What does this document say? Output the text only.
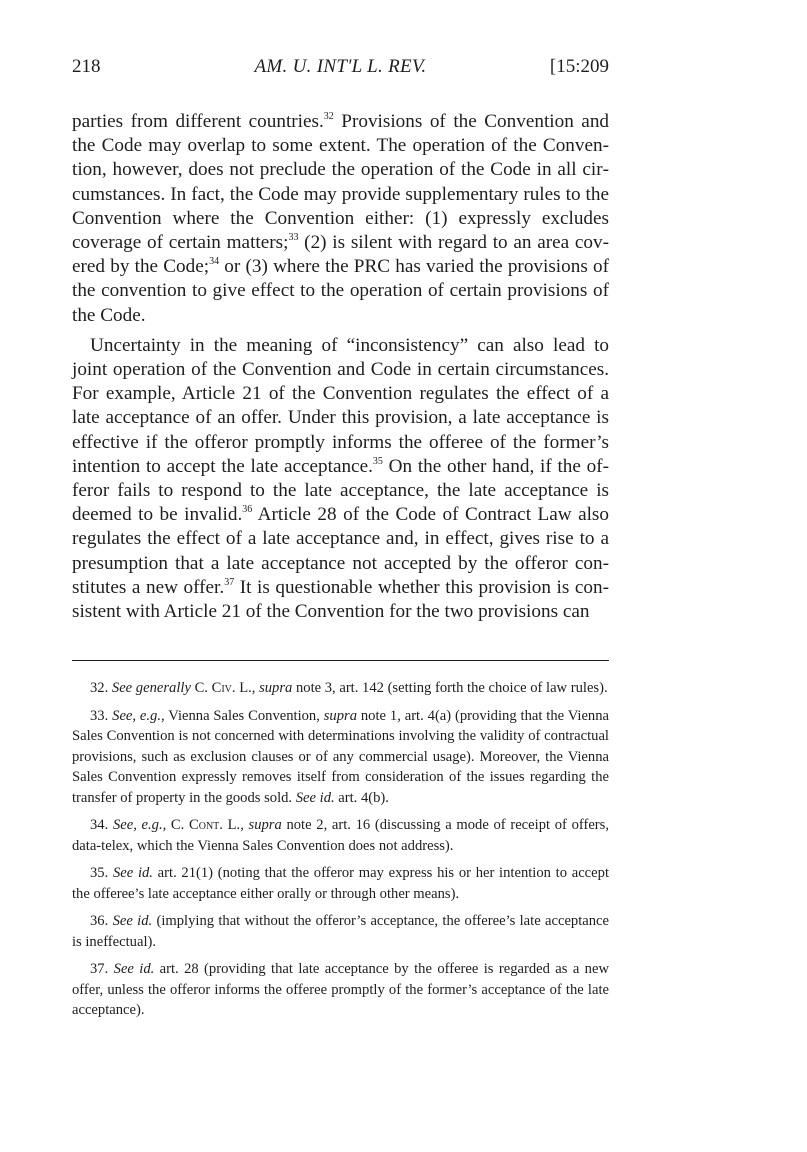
218	AM. U. INT'L L. REV.	[15:209

parties from different countries.$^{32}$ Provisions of the Convention and the Code may overlap to some extent. The operation of the Convention, however, does not preclude the operation of the Code in all circumstances. In fact, the Code may provide supplementary rules to the Convention where the Convention either: (1) expressly excludes coverage of certain matters;$^{33}$ (2) is silent with regard to an area covered by the Code;$^{34}$ or (3) where the PRC has varied the provisions of the convention to give effect to the operation of certain provisions of the Code.

Uncertainty in the meaning of “inconsistency” can also lead to joint operation of the Convention and Code in certain circumstances. For example, Article 21 of the Convention regulates the effect of a late acceptance of an offer. Under this provision, a late acceptance is effective if the offeror promptly informs the offeree of the former’s intention to accept the late acceptance.$^{35}$ On the other hand, if the offeror fails to respond to the late acceptance, the late acceptance is deemed to be invalid.$^{36}$ Article 28 of the Code of Contract Law also regulates the effect of a late acceptance and, in effect, gives rise to a presumption that a late acceptance not accepted by the offeror constitutes a new offer.$^{37}$ It is questionable whether this provision is consistent with Article 21 of the Convention for the two provisions can

32. See generally C. Civ. L., supra note 3, art. 142 (setting forth the choice of law rules).
33. See, e.g., Vienna Sales Convention, supra note 1, art. 4(a) (providing that the Vienna Sales Convention is not concerned with determinations involving the validity of contractual provisions, such as exclusion clauses or of any commercial usage). Moreover, the Vienna Sales Convention expressly removes itself from consideration of the issues regarding the transfer of property in the goods sold. See id. art. 4(b).
34. See, e.g., C. Cont. L., supra note 2, art. 16 (discussing a mode of receipt of offers, data-telex, which the Vienna Sales Convention does not address).
35. See id. art. 21(1) (noting that the offeror may express his or her intention to accept the offeree’s late acceptance either orally or through other means).
36. See id. (implying that without the offeror’s acceptance, the offeree’s late acceptance is ineffectual).
37. See id. art. 28 (providing that late acceptance by the offeree is regarded as a new offer, unless the offeror informs the offeree promptly of the former’s acceptance of the late acceptance).
